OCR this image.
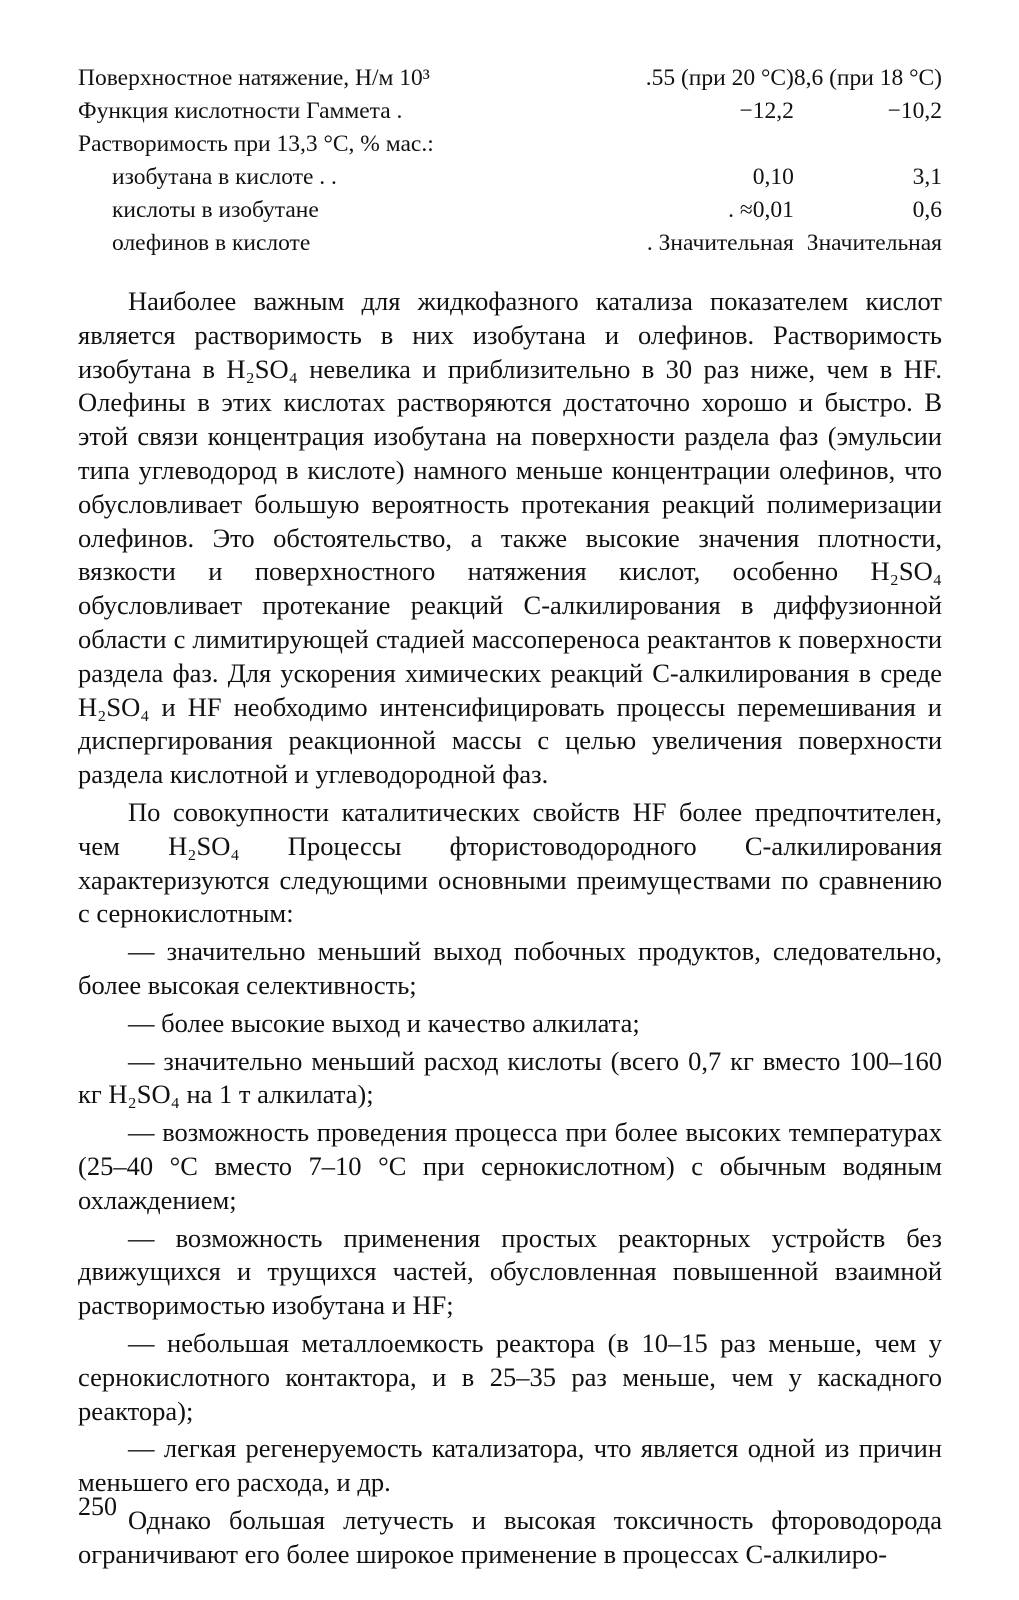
Поверхностное натяжение, Н/м 10³	.55 (при 20 °С)	8,6 (при 18 °С)
Функция кислотности Гаммета .	−12,2	−10,2
Растворимость при 13,3 °С, % мас.:		
изобутана в кислоте . .	0,10	3,1
кислоты в изобутане	. ≈0,01	0,6
олефинов в кислоте	. Значительная	Значительная

Наиболее важным для жидкофазного катализа показателем кислот является растворимость в них изобутана и олефинов. Растворимость изобутана в H₂SO₄ невелика и приблизительно в 30 раз ниже, чем в HF. Олефины в этих кислотах растворяются достаточно хорошо и быстро. В этой связи концентрация изобутана на поверхности раздела фаз (эмульсии типа углеводород в кислоте) намного меньше концентрации олефинов, что обусловливает большую вероятность протекания реакций полимеризации олефинов. Это обстоятельство, а также высокие значения плотности, вязкости и поверхностного натяжения кислот, особенно H₂SO₄ обусловливает протекание реакций С-алкилирования в диффузионной области с лимитирующей стадией массопереноса реактантов к поверхности раздела фаз. Для ускорения химических реакций С-алкилирования в среде H₂SO₄ и HF необходимо интенсифицировать процессы перемешивания и диспергирования реакционной массы с целью увеличения поверхности раздела кислотной и углеводородной фаз.

По совокупности каталитических свойств HF более предпочтителен, чем H₂SO₄ Процессы фтористоводородного С-алкилирования характеризуются следующими основными преимуществами по сравнению с сернокислотным:

— значительно меньший выход побочных продуктов, следовательно, более высокая селективность;

— более высокие выход и качество алкилата;

— значительно меньший расход кислоты (всего 0,7 кг вместо 100–160 кг H₂SO₄ на 1 т алкилата);

— возможность проведения процесса при более высоких температурах (25–40 °С вместо 7–10 °С при сернокислотном) с обычным водяным охлаждением;

— возможность применения простых реакторных устройств без движущихся и трущихся частей, обусловленная повышенной взаимной растворимостью изобутана и HF;

— небольшая металлоемкость реактора (в 10–15 раз меньше, чем у сернокислотного контактора, и в 25–35 раз меньше, чем у каскадного реактора);

— легкая регенеруемость катализатора, что является одной из причин меньшего его расхода, и др.

Однако большая летучесть и высокая токсичность фтороводорода ограничивают его более широкое применение в процессах С-алкилиро-

250
